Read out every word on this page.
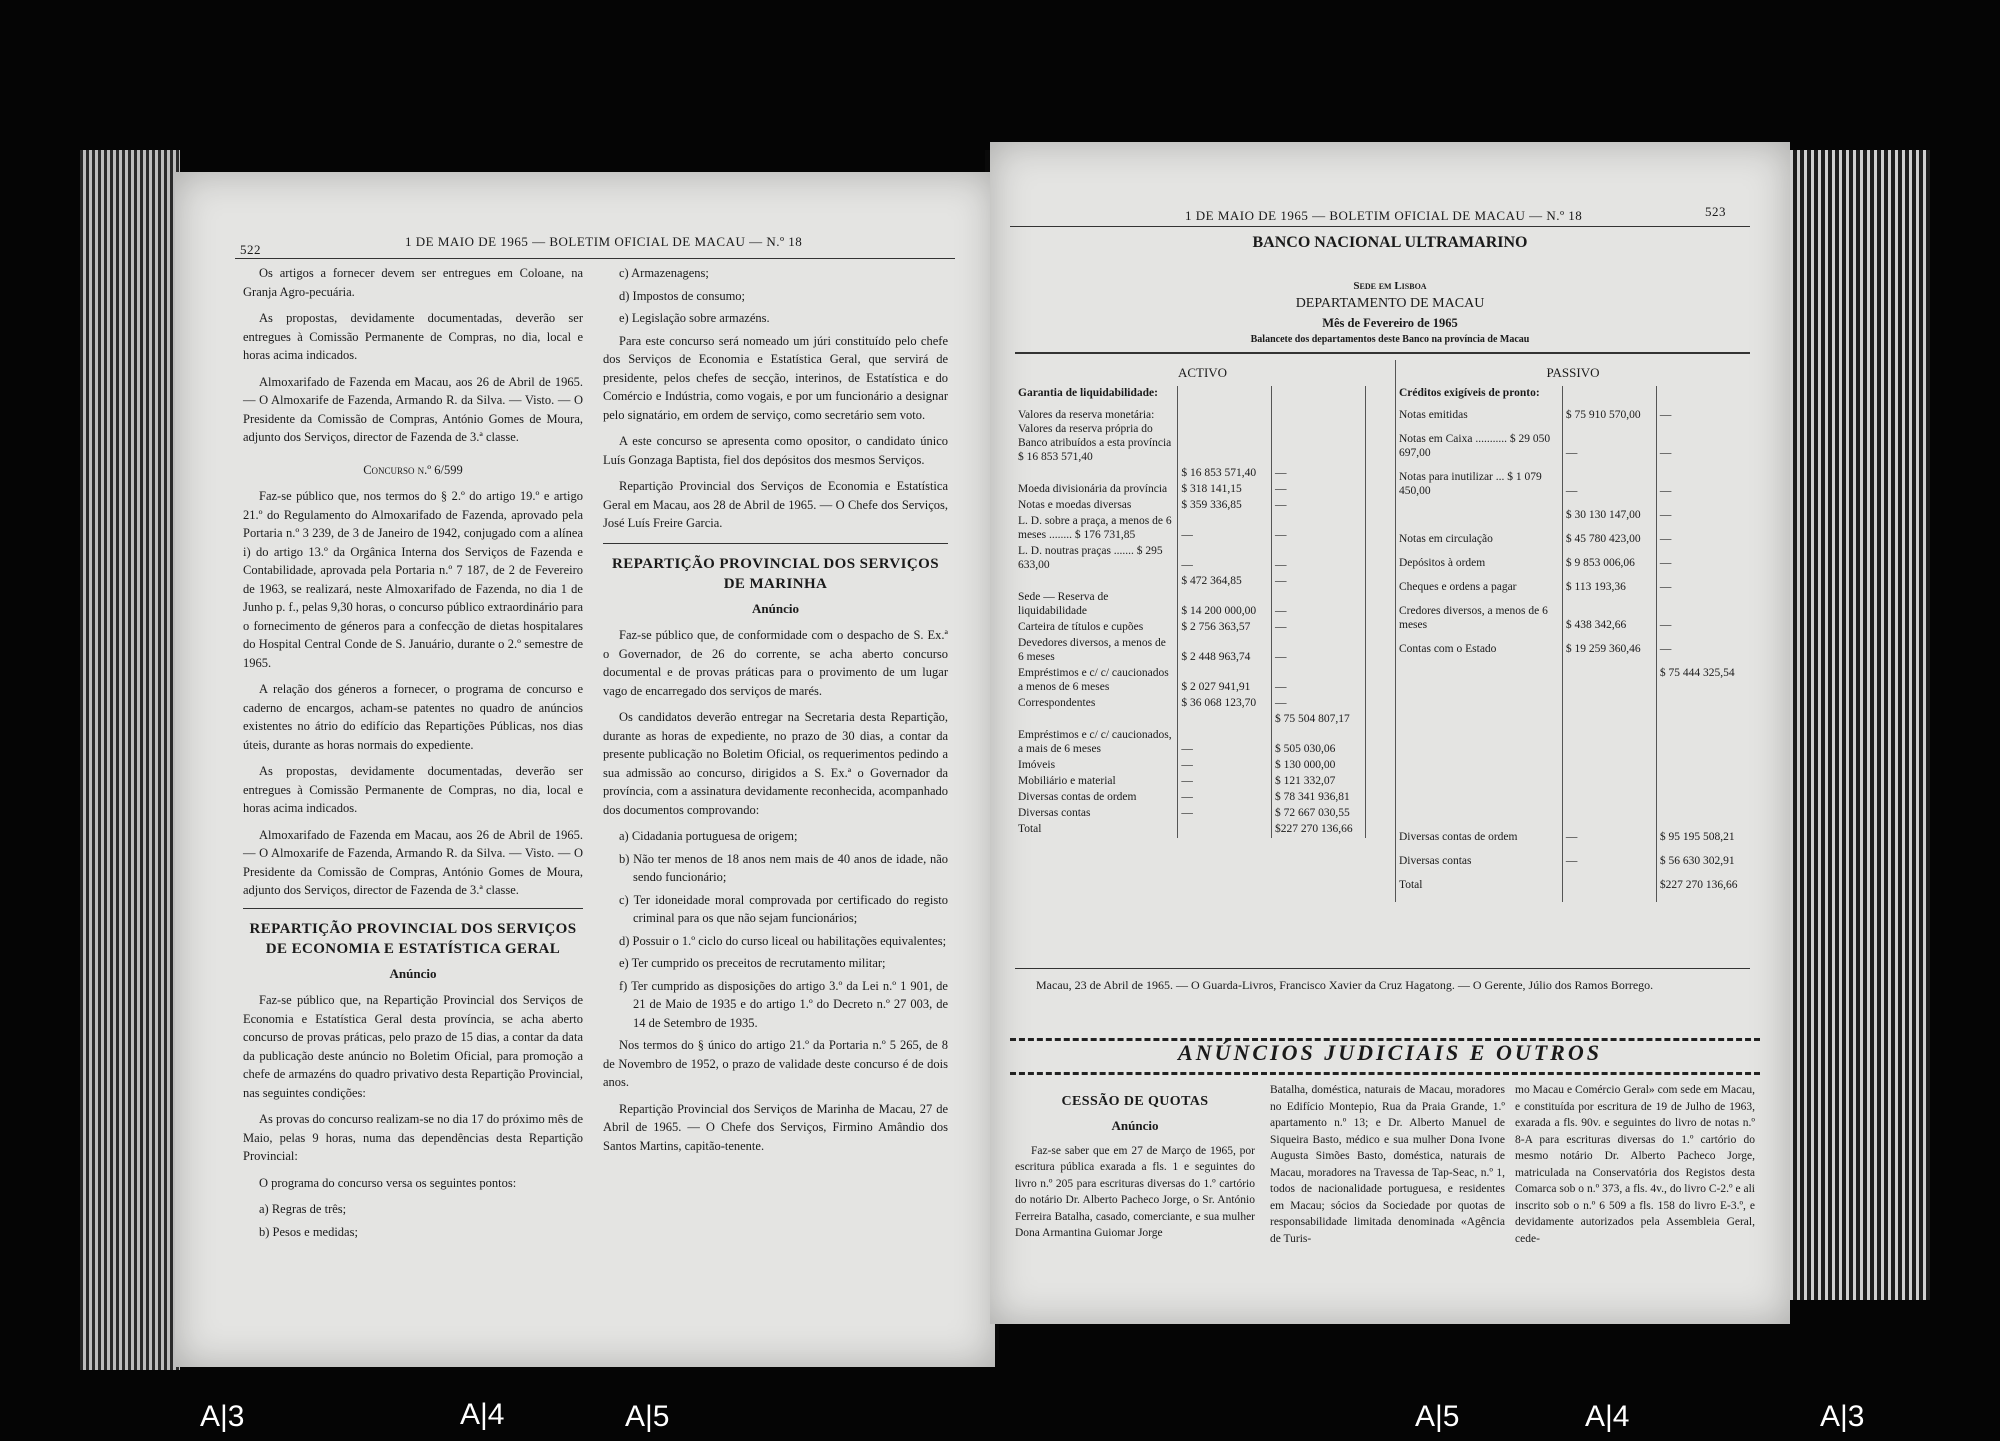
522
1 DE MAIO DE 1965 — BOLETIM OFICIAL DE MACAU — N.º 18

Os artigos a fornecer devem ser entregues em Coloane, na Granja Agro-pecuária.

As propostas, devidamente documentadas, deverão ser entregues à Comissão Permanente de Compras, no dia, local e horas acima indicados.

Almoxarifado de Fazenda em Macau, aos 26 de Abril de 1965. — O Almoxarife de Fazenda, Armando R. da Silva. — Visto. — O Presidente da Comissão de Compras, António Gomes de Moura, adjunto dos Serviços, director de Fazenda de 3.ª classe.

Concurso n.º 6/599

Faz-se público que, nos termos do § 2.º do artigo 19.º e artigo 21.º do Regulamento do Almoxarifado de Fazenda, aprovado pela Portaria n.º 3 239, de 3 de Janeiro de 1942, conjugado com a alínea i) do artigo 13.º da Orgânica Interna dos Serviços de Fazenda e Contabilidade, aprovada pela Portaria n.º 7 187, de 2 de Fevereiro de 1963, se realizará, neste Almoxarifado de Fazenda, no dia 1 de Junho p. f., pelas 9,30 horas, o concurso público extraordinário para o fornecimento de géneros para a confecção de dietas hospitalares do Hospital Central Conde de S. Januário, durante o 2.º semestre de 1965.

A relação dos géneros a fornecer, o programa de concurso e caderno de encargos, acham-se patentes no quadro de anúncios existentes no átrio do edifício das Repartições Públicas, nos dias úteis, durante as horas normais do expediente.

As propostas, devidamente documentadas, deverão ser entregues à Comissão Permanente de Compras, no dia, local e horas acima indicados.

Almoxarifado de Fazenda em Macau, aos 26 de Abril de 1965. — O Almoxarife de Fazenda, Armando R. da Silva. — Visto. — O Presidente da Comissão de Compras, António Gomes de Moura, adjunto dos Serviços, director de Fazenda de 3.ª classe.

REPARTIÇÃO PROVINCIAL DOS SERVIÇOS DE ECONOMIA E ESTATÍSTICA GERAL
Anúncio

Faz-se público que, na Repartição Provincial dos Serviços de Economia e Estatística Geral desta província, se acha aberto concurso de provas práticas, pelo prazo de 15 dias, a contar da data da publicação deste anúncio no Boletim Oficial, para promoção a chefe de armazéns do quadro privativo desta Repartição Provincial, nas seguintes condições:

As provas do concurso realizam-se no dia 17 do próximo mês de Maio, pelas 9 horas, numa das dependências desta Repartição Provincial:

O programa do concurso versa os seguintes pontos:

a) Regras de três;
b) Pesos e medidas;
c) Armazenagens;
d) Impostos de consumo;
e) Legislação sobre armazéns.

Para este concurso será nomeado um júri constituído pelo chefe dos Serviços de Economia e Estatística Geral, que servirá de presidente, pelos chefes de secção, interinos, de Estatística e do Comércio e Indústria, como vogais, e por um funcionário a designar pelo signatário, em ordem de serviço, como secretário sem voto.

A este concurso se apresenta como opositor, o candidato único Luís Gonzaga Baptista, fiel dos depósitos dos mesmos Serviços.

Repartição Provincial dos Serviços de Economia e Estatística Geral em Macau, aos 28 de Abril de 1965. — O Chefe dos Serviços, José Luís Freire Garcia.

REPARTIÇÃO PROVINCIAL DOS SERVIÇOS DE MARINHA
Anúncio

Faz-se público que, de conformidade com o despacho de S. Ex.ª o Governador, de 26 do corrente, se acha aberto concurso documental e de provas práticas para o provimento de um lugar vago de encarregado dos serviços de marés.

Os candidatos deverão entregar na Secretaria desta Repartição, durante as horas de expediente, no prazo de 30 dias, a contar da presente publicação no Boletim Oficial, os requerimentos pedindo a sua admissão ao concurso, dirigidos a S. Ex.ª o Governador da província, com a assinatura devidamente reconhecida, acompanhado dos documentos comprovando:

a) Cidadania portuguesa de origem;
b) Não ter menos de 18 anos nem mais de 40 anos de idade, não sendo funcionário;
c) Ter idoneidade moral comprovada por certificado do registo criminal para os que não sejam funcionários;
d) Possuir o 1.º ciclo do curso liceal ou habilitações equivalentes;
e) Ter cumprido os preceitos de recrutamento militar;
f) Ter cumprido as disposições do artigo 3.º da Lei n.º 1 901, de 21 de Maio de 1935 e do artigo 1.º do Decreto n.º 27 003, de 14 de Setembro de 1935.

Nos termos do § único do artigo 21.º da Portaria n.º 5 265, de 8 de Novembro de 1952, o prazo de validade deste concurso é de dois anos.

Repartição Provincial dos Serviços de Marinha de Macau, 27 de Abril de 1965. — O Chefe dos Serviços, Firmino Amândio dos Santos Martins, capitão-tenente.

1 DE MAIO DE 1965 — BOLETIM OFICIAL DE MACAU — N.º 18	523
BANCO NACIONAL ULTRAMARINO
Sede em Lisboa
DEPARTAMENTO DE MACAU
Mês de Fevereiro de 1965
Balancete dos departamentos deste Banco na província de Macau
ACTIVO			
Garantia de liquidabilidade:			
Valores da reserva monetária: Valores da reserva própria do Banco atribuídos a esta província $ 16 853 571,40			
	$ 16 853 571,40	—	
Moeda divisionária da província	$ 318 141,15	—	
Notas e moedas diversas	$ 359 336,85	—	
L. D. sobre a praça, a menos de 6 meses ........ $ 176 731,85	—	—	
L. D. noutras praças ....... $ 295 633,00	—	—	
	$ 472 364,85	—	
Sede — Reserva de liquidabilidade	$ 14 200 000,00	—	
Carteira de títulos e cupões	$ 2 756 363,57	—	
Devedores diversos, a menos de 6 meses	$ 2 448 963,74	—	
Empréstimos e c/ c/ caucionados a menos de 6 meses	$ 2 027 941,91	—	
Correspondentes	$ 36 068 123,70	—	
		$ 75 504 807,17	
Empréstimos e c/ c/ caucionados, a mais de 6 meses	—	$ 505 030,06	
Imóveis	—	$ 130 000,00	
Mobiliário e material	—	$ 121 332,07	
Diversas contas de ordem	—	$ 78 341 936,81	
Diversas contas	—	$ 72 667 030,55	
Total		$227 270 136,66	
PASSIVO		
Créditos exigíveis de pronto:		
Notas emitidas	$ 75 910 570,00	—
Notas em Caixa ........... $ 29 050 697,00	—	—
Notas para inutilizar ... $ 1 079 450,00	—	—
	$ 30 130 147,00	—
Notas em circulação	$ 45 780 423,00	—
Depósitos à ordem	$ 9 853 006,06	—
Cheques e ordens a pagar	$ 113 193,36	—
Credores diversos, a menos de 6 meses	$ 438 342,66	—
Contas com o Estado	$ 19 259 360,46	—
		$ 75 444 325,54
Diversas contas de ordem	—	$ 95 195 508,21
Diversas contas	—	$ 56 630 302,91
Total		$227 270 136,66

Macau, 23 de Abril de 1965. — O Guarda-Livros, Francisco Xavier da Cruz Hagatong. — O Gerente, Júlio dos Ramos Borrego.

ANÚNCIOS JUDICIAIS E OUTROS
CESSÃO DE QUOTAS
Anúncio

Faz-se saber que em 27 de Março de 1965, por escritura pública exarada a fls. 1 e seguintes do livro n.º 205 para escrituras diversas do 1.º cartório do notário Dr. Alberto Pacheco Jorge, o Sr. António Ferreira Batalha, casado, comerciante, e sua mulher Dona Armantina Guiomar Jorge

Batalha, doméstica, naturais de Macau, moradores no Edifício Montepio, Rua da Praia Grande, 1.º apartamento n.º 13; e Dr. Alberto Manuel de Siqueira Basto, médico e sua mulher Dona Ivone Augusta Simões Basto, doméstica, naturais de Macau, moradores na Travessa de Tap-Seac, n.º 1, todos de nacionalidade portuguesa, e residentes em Macau; sócios da Sociedade por quotas de responsabilidade limitada denominada «Agência de Turis-

mo Macau e Comércio Geral» com sede em Macau, e constituída por escritura de 19 de Julho de 1963, exarada a fls. 90v. e seguintes do livro de notas n.º 8-A para escrituras diversas do 1.º cartório do mesmo notário Dr. Alberto Pacheco Jorge, matriculada na Conservatória dos Registos desta Comarca sob o n.º 373, a fls. 4v., do livro C-2.º e ali inscrito sob o n.º 6 509 a fls. 158 do livro E-3.º, e devidamente autorizados pela Assembleia Geral, cede-

A|3	A|4	A|5	A|5	A|4	A|3
